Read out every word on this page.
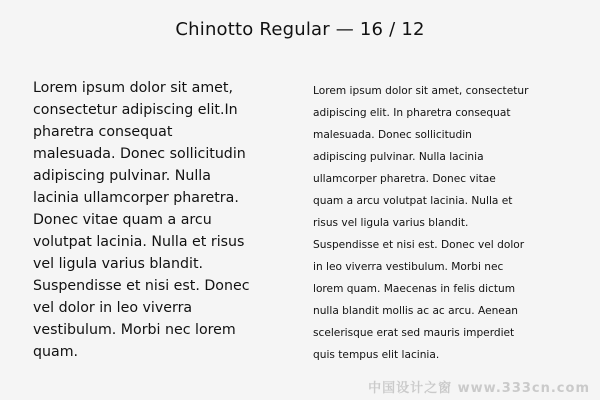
Chinotto Regular — 16 / 12

Lorem ipsum dolor sit amet,
consectetur adipiscing elit.In
pharetra consequat
malesuada. Donec sollicitudin
adipiscing pulvinar. Nulla
lacinia ullamcorper pharetra.
Donec vitae quam a arcu
volutpat lacinia. Nulla et risus
vel ligula varius blandit.
Suspendisse et nisi est. Donec
vel dolor in leo viverra
vestibulum. Morbi nec lorem
quam.

Lorem ipsum dolor sit amet, consectetur
adipiscing elit. In pharetra consequat
malesuada. Donec sollicitudin
adipiscing pulvinar. Nulla lacinia
ullamcorper pharetra. Donec vitae
quam a arcu volutpat lacinia. Nulla et
risus vel ligula varius blandit.
Suspendisse et nisi est. Donec vel dolor
in leo viverra vestibulum. Morbi nec
lorem quam. Maecenas in felis dictum
nulla blandit mollis ac ac arcu. Aenean
scelerisque erat sed mauris imperdiet
quis tempus elit lacinia.

中国设计之窗 www.333cn.com
